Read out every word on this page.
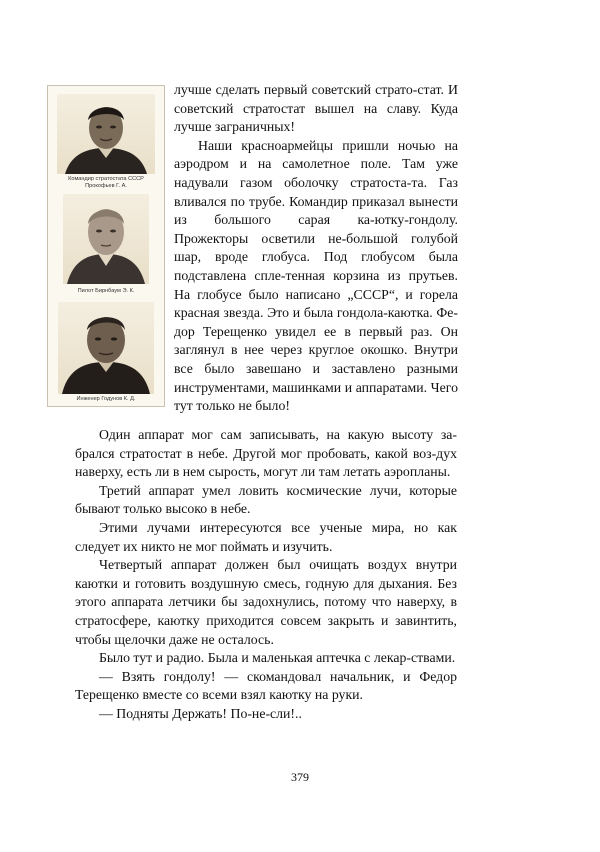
Командир стратостата СССР
Прокофьев Г. А.
Пилот Бирнбаум Э. К.
Инженер Годунов К. Д.

лучше сделать первый советский страто-стат. И советский стратостат вышел на славу. Куда лучше заграничных!

Наши красноармейцы пришли ночью на аэродром и на самолетное поле. Там уже надували газом оболочку стратоста-та. Газ вливался по трубе. Командир приказал вынести из большого сарая ка-ютку-гондолу. Прожекторы осветили не-большой голубой шар, вроде глобуса. Под глобусом была подставлена спле-тенная корзина из прутьев. На глобусе было написано „СССР“, и горела красная звезда. Это и была гондола-каютка. Фе-дор Терещенко увидел ее в первый раз. Он заглянул в нее через круглое окошко. Внутри все было завешано и заставлено разными инструментами, машинками и аппаратами. Чего тут только не было!

Один аппарат мог сам записывать, на какую высоту за-брался стратостат в небе. Другой мог пробовать, какой воз-дух наверху, есть ли в нем сырость, могут ли там летать аэропланы.

Третий аппарат умел ловить космические лучи, которые бывают только высоко в небе.

Этими лучами интересуются все ученые мира, но как следует их никто не мог поймать и изучить.

Четвертый аппарат должен был очищать воздух внутри каютки и готовить воздушную смесь, годную для дыхания. Без этого аппарата летчики бы задохнулись, потому что наверху, в стратосфере, каютку приходится совсем закрыть и завинтить, чтобы щелочки даже не осталось.

Было тут и радио. Была и маленькая аптечка с лекар-ствами.

— Взять гондолу! — скомандовал начальник, и Федор Терещенко вместе со всеми взял каютку на руки.

— Подняты Держать! По-не-сли!..

379
